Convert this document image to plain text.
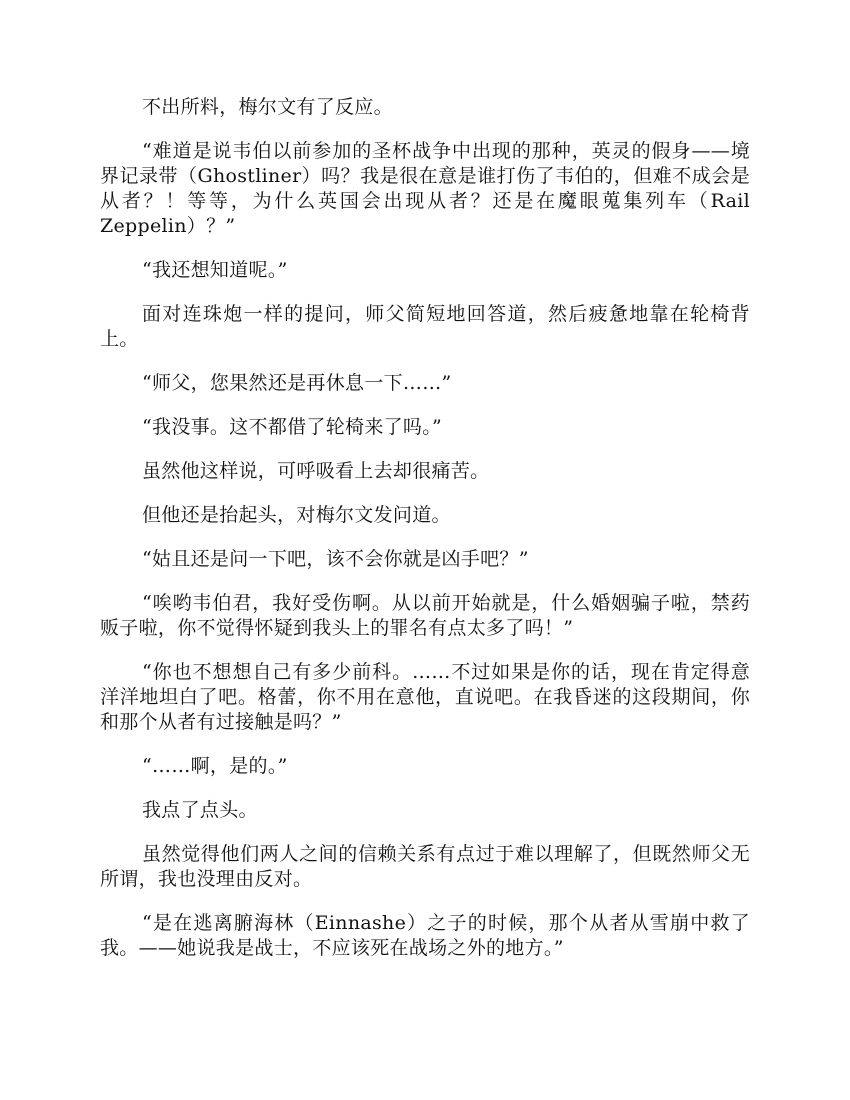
不出所料，梅尔文有了反应。

“难道是说韦伯以前参加的圣杯战争中出现的那种，英灵的假身——境界记录带（Ghostliner）吗？我是很在意是谁打伤了韦伯的，但难不成会是从者？！等等，为什么英国会出现从者？还是在魔眼蒐集列车（Rail Zeppelin）？”

“我还想知道呢。”

面对连珠炮一样的提问，师父简短地回答道，然后疲惫地靠在轮椅背上。

“师父，您果然还是再休息一下……”

“我没事。这不都借了轮椅来了吗。”

虽然他这样说，可呼吸看上去却很痛苦。

但他还是抬起头，对梅尔文发问道。

“姑且还是问一下吧，该不会你就是凶手吧？”

“唉哟韦伯君，我好受伤啊。从以前开始就是，什么婚姻骗子啦，禁药贩子啦，你不觉得怀疑到我头上的罪名有点太多了吗！”

“你也不想想自己有多少前科。……不过如果是你的话，现在肯定得意洋洋地坦白了吧。格蕾，你不用在意他，直说吧。在我昏迷的这段期间，你和那个从者有过接触是吗？”

“……啊，是的。”

我点了点头。

虽然觉得他们两人之间的信赖关系有点过于难以理解了，但既然师父无所谓，我也没理由反对。

“是在逃离腑海林（Einnashe）之子的时候，那个从者从雪崩中救了我。——她说我是战士，不应该死在战场之外的地方。”
